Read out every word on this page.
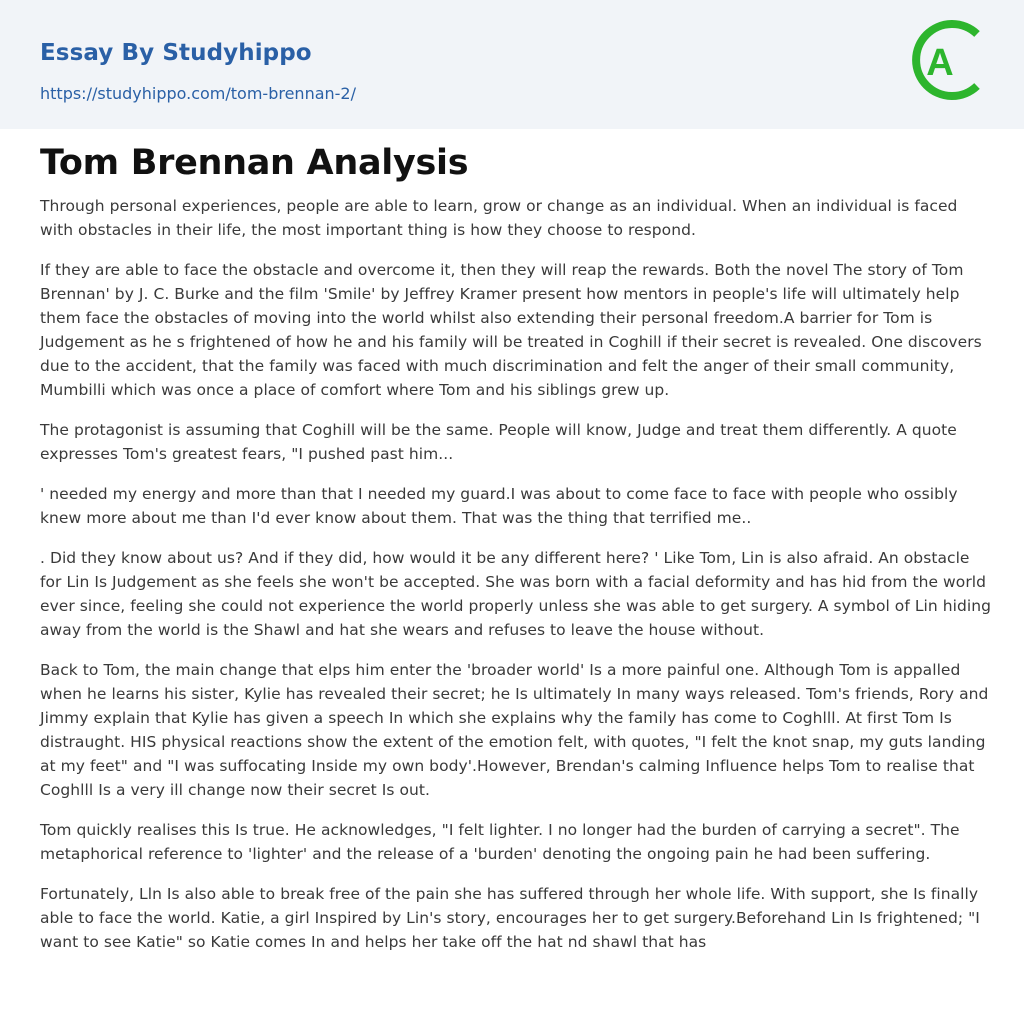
Essay By Studyhippo
https://studyhippo.com/tom-brennan-2/
A
Tom Brennan Analysis

Through personal experiences, people are able to learn, grow or change as an individual. When an individual is faced with obstacles in their life, the most important thing is how they choose to respond.

If they are able to face the obstacle and overcome it, then they will reap the rewards. Both the novel The story of Tom Brennan' by J. C. Burke and the film 'Smile' by Jeffrey Kramer present how mentors in people's life will ultimately help them face the obstacles of moving into the world whilst also extending their personal freedom.A barrier for Tom is Judgement as he s frightened of how he and his family will be treated in Coghill if their secret is revealed. One discovers due to the accident, that the family was faced with much discrimination and felt the anger of their small community, Mumbilli which was once a place of comfort where Tom and his siblings grew up.

The protagonist is assuming that Coghill will be the same. People will know, Judge and treat them differently. A quote expresses Tom's greatest fears, "I pushed past him...

' needed my energy and more than that I needed my guard.I was about to come face to face with people who ossibly knew more about me than I'd ever know about them. That was the thing that terrified me..

. Did they know about us? And if they did, how would it be any different here? ' Like Tom, Lin is also afraid. An obstacle for Lin Is Judgement as she feels she won't be accepted. She was born with a facial deformity and has hid from the world ever since, feeling she could not experience the world properly unless she was able to get surgery. A symbol of Lin hiding away from the world is the Shawl and hat she wears and refuses to leave the house without.

Back to Tom, the main change that elps him enter the 'broader world' Is a more painful one. Although Tom is appalled when he learns his sister, Kylie has revealed their secret; he Is ultimately In many ways released. Tom's friends, Rory and Jimmy explain that Kylie has given a speech In which she explains why the family has come to Coghlll. At first Tom Is distraught. HIS physical reactions show the extent of the emotion felt, with quotes, "I felt the knot snap, my guts landing at my feet" and "I was suffocating Inside my own body'.However, Brendan's calming Influence helps Tom to realise that Coghlll Is a very ill change now their secret Is out.

Tom quickly realises this Is true. He acknowledges, "I felt lighter. I no longer had the burden of carrying a secret". The metaphorical reference to 'lighter' and the release of a 'burden' denoting the ongoing pain he had been suffering.

Fortunately, Lln Is also able to break free of the pain she has suffered through her whole life. With support, she Is finally able to face the world. Katie, a girl Inspired by Lin's story, encourages her to get surgery.Beforehand Lin Is frightened; "I want to see Katie" so Katie comes In and helps her take off the hat nd shawl that has
